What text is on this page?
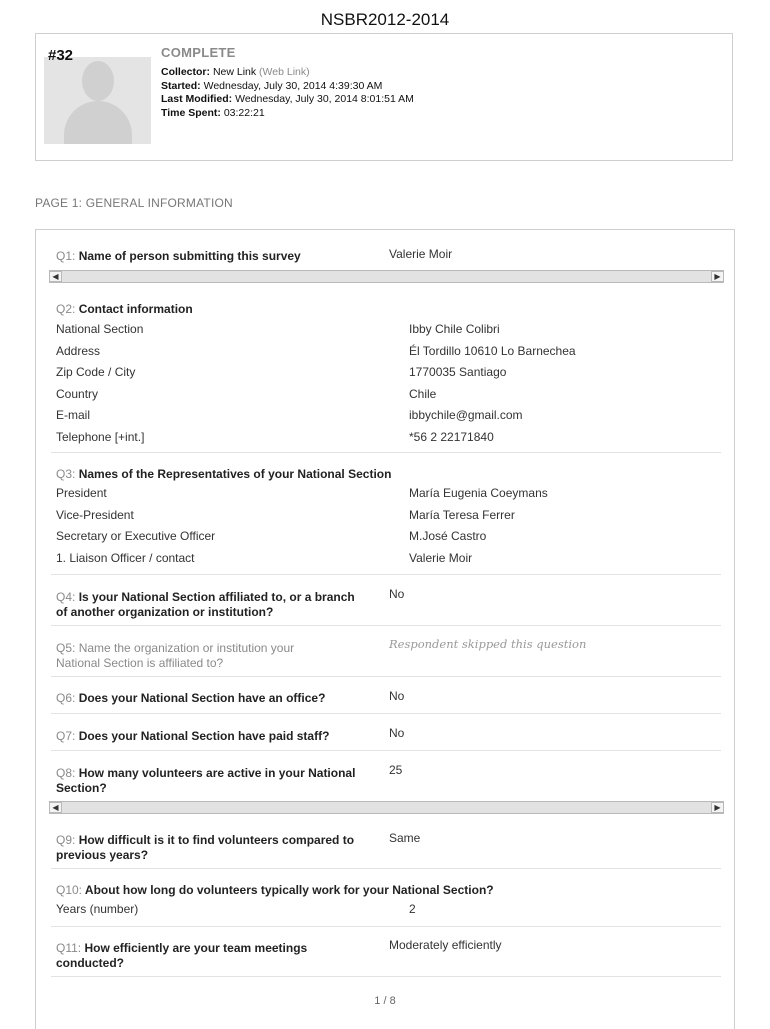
NSBR2012-2014
#32	COMPLETE
Collector: New Link (Web Link)
Started: Wednesday, July 30, 2014 4:39:30 AM
Last Modified: Wednesday, July 30, 2014 8:01:51 AM
Time Spent: 03:22:21
PAGE 1: GENERAL INFORMATION
Q1: Name of person submitting this survey	Valerie Moir
◀	▶
Q2: Contact information
National Section	Ibby Chile Colibri
Address	Él Tordillo 10610 Lo Barnechea
Zip Code / City	1770035 Santiago
Country	Chile
E-mail	ibbychile@gmail.com
Telephone [+int.]	*56 2 22171840
Q3: Names of the Representatives of your National Section
President	María Eugenia Coeymans
Vice-President	María Teresa Ferrer
Secretary or Executive Officer	M.José Castro
1. Liaison Officer / contact	Valerie Moir
Q4: Is your National Section affiliated to, or a branch
of another organization or institution?
No
Q5: Name the organization or institution your
National Section is affiliated to?
Respondent skipped this question
Q6: Does your National Section have an office?	No
Q7: Does your National Section have paid staff?	No
Q8: How many volunteers are active in your National
Section?
25
◀	▶
Q9: How difficult is it to find volunteers compared to
previous years?
Same
Q10: About how long do volunteers typically work for your National Section?
Years (number)	2
Q11: How efficiently are your team meetings
conducted?
Moderately efficiently
1 / 8
